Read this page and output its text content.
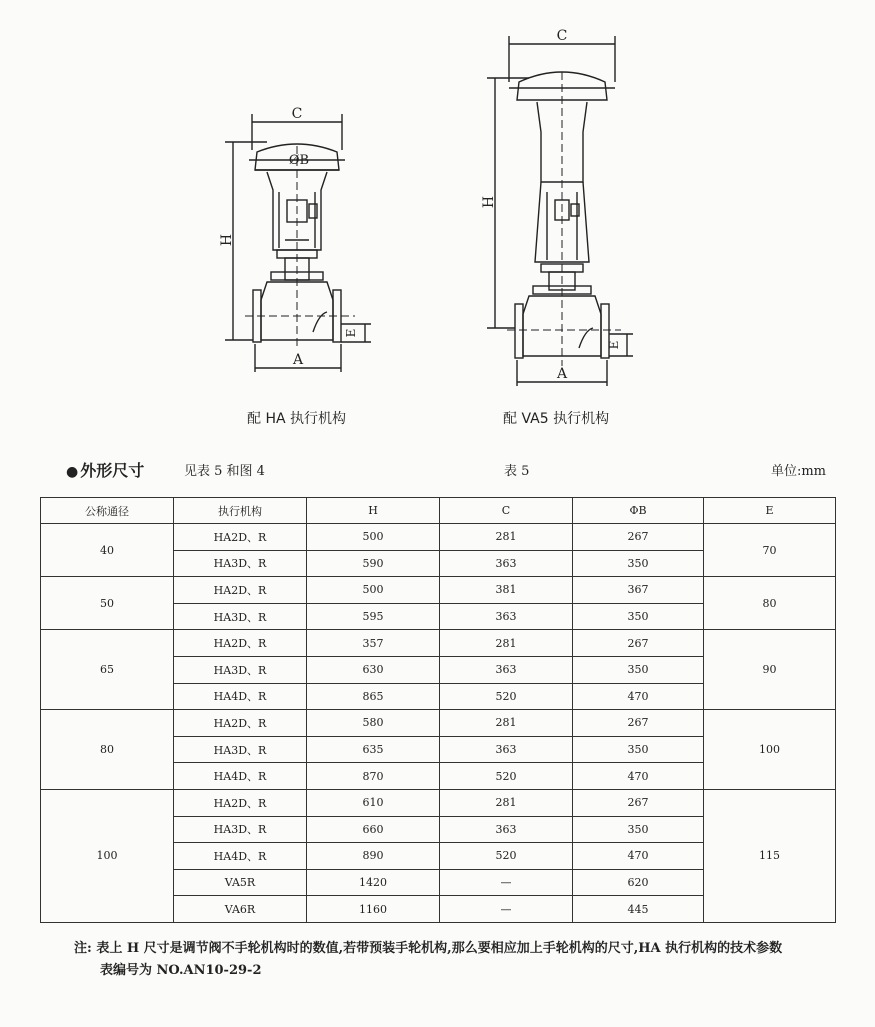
C
ØB
H
A
E
配 HA 执行机构
C
H
A
E
配 VA5 执行机构
● 外形尺寸	见表 5 和图 4	表 5	单位:mm
公称通径	执行机构	H	C	ΦB	E
40	HA2D、R	500	281	267	70
	HA3D、R	590	363	350	
50	HA2D、R	500	381	367	80
	HA3D、R	595	363	350	
65	HA2D、R	357	281	267	90
	HA3D、R	630	363	350	
	HA4D、R	865	520	470	
80	HA2D、R	580	281	267	100
	HA3D、R	635	363	350	
	HA4D、R	870	520	470	
100	HA2D、R	610	281	267	115
	HA3D、R	660	363	350	
	HA4D、R	890	520	470	
	VA5R	1420	—	620	
	VA6R	1160	—	445	
注: 表上 H 尺寸是调节阀不手轮机构时的数值,若带预装手轮机构,那么要相应加上手轮机构的尺寸,HA 执行机构的技术参数
表编号为 NO.AN10-29-2
